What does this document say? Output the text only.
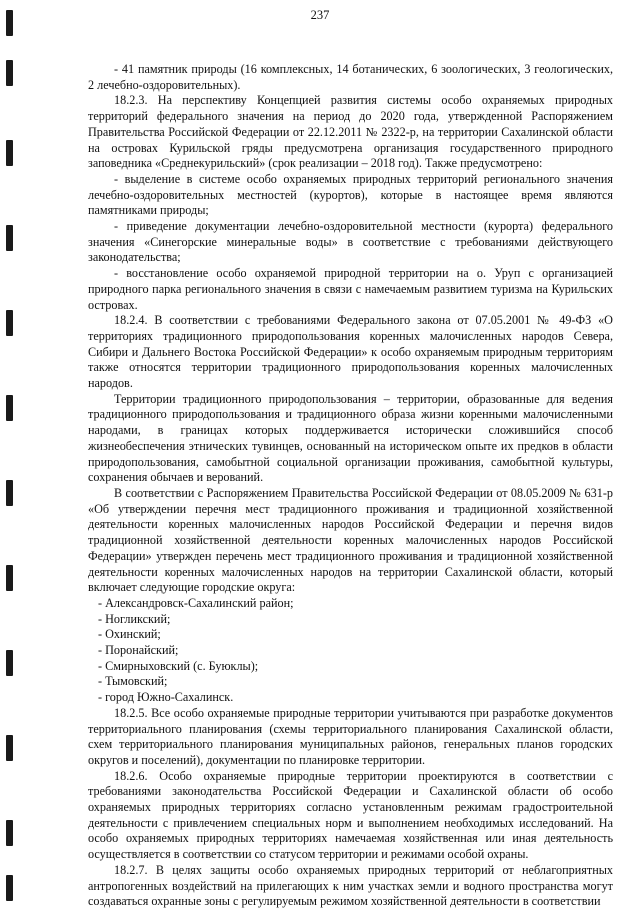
237

- 41 памятник природы (16 комплексных, 14 ботанических, 6 зоологических, 3 геологических, 2 лечебно-оздоровительных).

18.2.3. На перспективу Концепцией развития системы особо охраняемых природных территорий федерального значения на период до 2020 года, утвержденной Распоряжением Правительства Российской Федерации от 22.12.2011 № 2322-р, на территории Сахалинской области на островах Курильской гряды предусмотрена организация государственного природного заповедника «Среднекурильский» (срок реализации – 2018 год). Также предусмотрено:

- выделение в системе особо охраняемых природных территорий регионального значения лечебно-оздоровительных местностей (курортов), которые в настоящее время являются памятниками природы;

- приведение документации лечебно-оздоровительной местности (курорта) федерального значения «Синегорские минеральные воды» в соответствие с требованиями действующего законодательства;

- восстановление особо охраняемой природной территории на о. Уруп с организацией природного парка регионального значения в связи с намечаемым развитием туризма на Курильских островах.

18.2.4. В соответствии с требованиями Федерального закона от 07.05.2001 № 49-ФЗ «О территориях традиционного природопользования коренных малочисленных народов Севера, Сибири и Дальнего Востока Российской Федерации» к особо охраняемым природным территориям также относятся территории традиционного природопользования коренных малочисленных народов.

Территории традиционного природопользования – территории, образованные для ведения традиционного природопользования и традиционного образа жизни коренными малочисленными народами, в границах которых поддерживается исторически сложившийся способ жизнеобеспечения этнических тувинцев, основанный на историческом опыте их предков в области природопользования, самобытной социальной организации проживания, самобытной культуры, сохранения обычаев и верований.

В соответствии с Распоряжением Правительства Российской Федерации от 08.05.2009 № 631-р «Об утверждении перечня мест традиционного проживания и традиционной хозяйственной деятельности коренных малочисленных народов Российской Федерации и перечня видов традиционной хозяйственной деятельности коренных малочисленных народов Российской Федерации» утвержден перечень мест традиционного проживания и традиционной хозяйственной деятельности коренных малочисленных народов на территории Сахалинской области, который включает следующие городские округа:

- Александровск-Сахалинский район;

- Ногликский;

- Охинский;

- Поронайский;

- Смирныховский (с. Буюклы);

- Тымовский;

- город Южно-Сахалинск.

18.2.5. Все особо охраняемые природные территории учитываются при разработке документов территориального планирования (схемы территориального планирования Сахалинской области, схем территориального планирования муниципальных районов, генеральных планов городских округов и поселений), документации по планировке территории.

18.2.6. Особо охраняемые природные территории проектируются в соответствии с требованиями законодательства Российской Федерации и Сахалинской области об особо охраняемых природных территориях согласно установленным режимам градостроительной деятельности с привлечением специальных норм и выполнением необходимых исследований. На особо охраняемых природных территориях намечаемая хозяйственная или иная деятельность осуществляется в соответствии со статусом территории и режимами особой охраны.

18.2.7. В целях защиты особо охраняемых природных территорий от неблагоприятных антропогенных воздействий на прилегающих к ним участках земли и водного пространства могут создаваться охранные зоны с регулируемым режимом хозяйственной деятельности в соответствии
